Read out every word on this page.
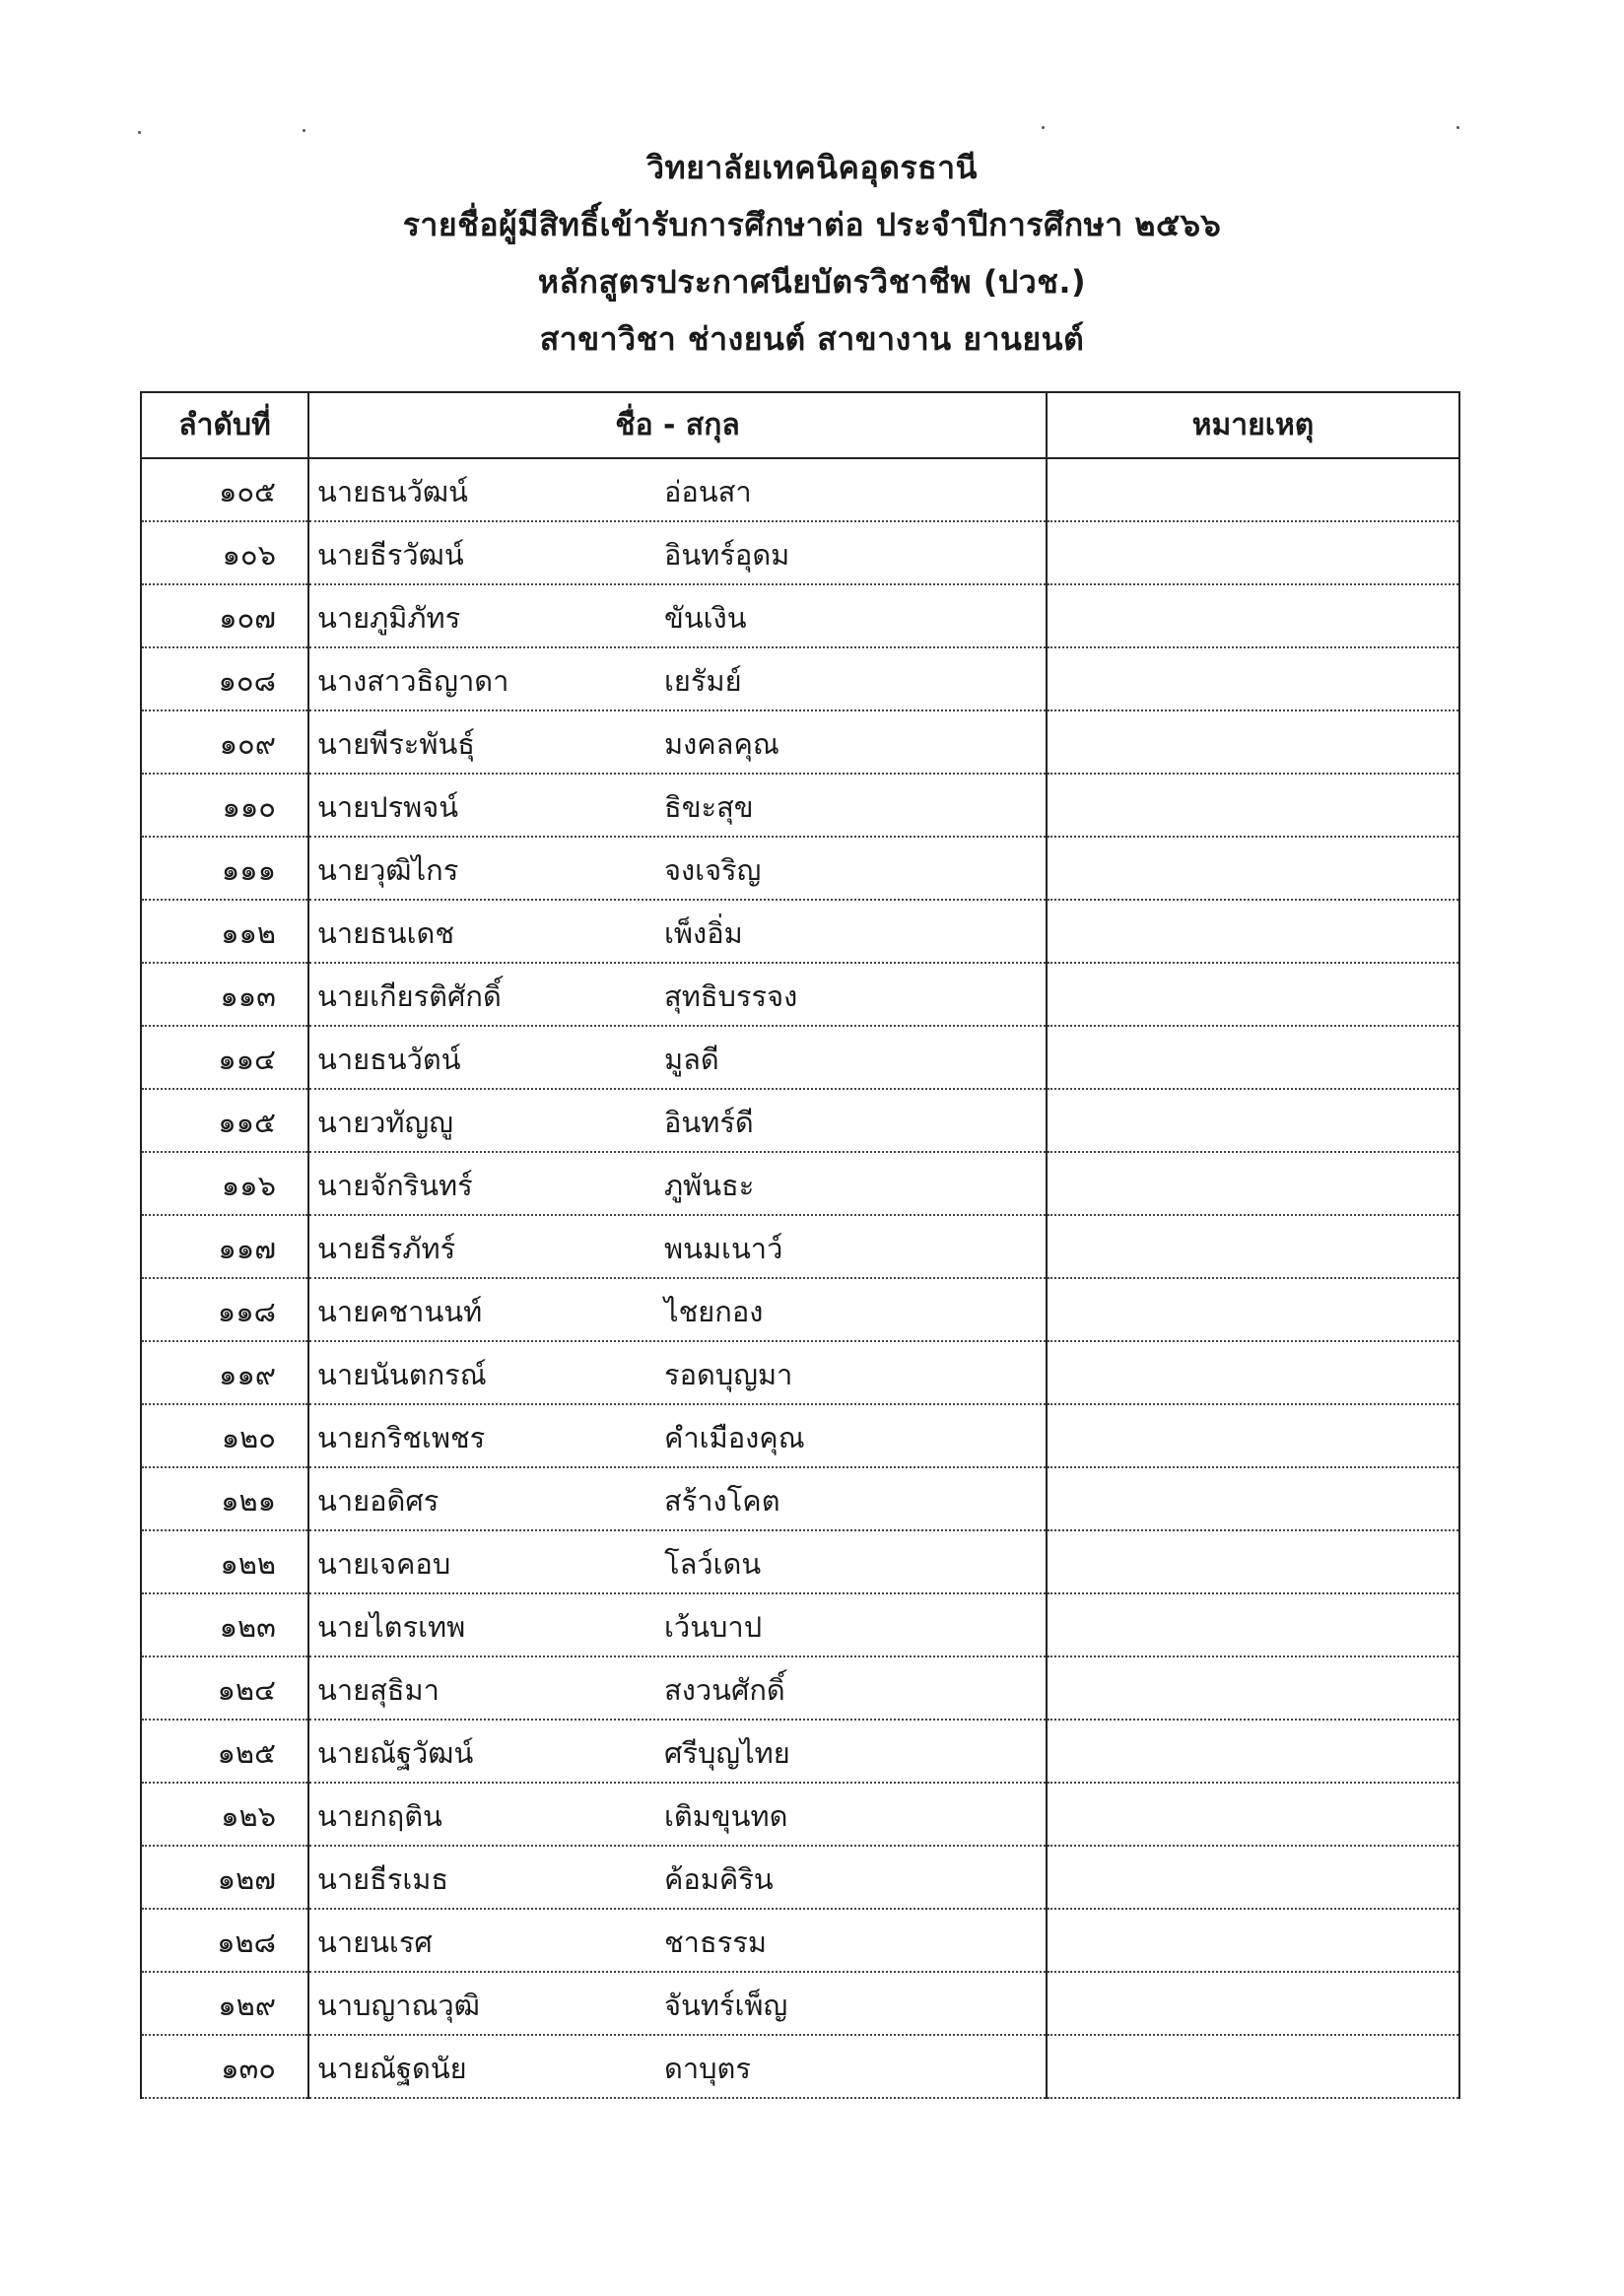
วิทยาลัยเทคนิคอุดรธานี
รายชื่อผู้มีสิทธิ์เข้ารับการศึกษาต่อ ประจำปีการศึกษา ๒๕๖๖
หลักสูตรประกาศนียบัตรวิชาชีพ (ปวช.)
สาขาวิชา ช่างยนต์ สาขางาน ยานยนต์
ลำดับที่	ชื่อ - สกุล	หมายเหตุ
๑๐๕	นายธนวัฒน์ อ่อนสา	

๑๐๖	นายธีรวัฒน์ อินทร์อุดม	

๑๐๗	นายภูมิภัทร ขันเงิน	

๑๐๘	นางสาวธิญาดา เยรัมย์	

๑๐๙	นายพีระพันธุ์ มงคลคุณ	

๑๑๐	นายปรพจน์ ธิขะสุข	

๑๑๑	นายวุฒิไกร จงเจริญ	

๑๑๒	นายธนเดช เพ็งอิ่ม	

๑๑๓	นายเกียรติศักดิ์ สุทธิบรรจง	

๑๑๔	นายธนวัตน์ มูลดี	

๑๑๕	นายวทัญญู อินทร์ดี	

๑๑๖	นายจักรินทร์ ภูพันธะ	

๑๑๗	นายธีรภัทร์ พนมเนาว์	

๑๑๘	นายคชานนท์ ไชยกอง	

๑๑๙	นายนันตกรณ์ รอดบุญมา	

๑๒๐	นายกริชเพชร คำเมืองคุณ	

๑๒๑	นายอดิศร สร้างโคต	

๑๒๒	นายเจคอบ โลว์เดน	

๑๒๓	นายไตรเทพ เว้นบาป	

๑๒๔	นายสุธิมา สงวนศักดิ์	

๑๒๕	นายณัฐวัฒน์ ศรีบุญไทย	

๑๒๖	นายกฤติน เติมขุนทด	

๑๒๗	นายธีรเมธ ค้อมคิริน	

๑๒๘	นายนเรศ ชาธรรม	

๑๒๙	นาบญาณวุฒิ จันทร์เพ็ญ	

๑๓๐	นายณัฐดนัย ดาบุตร	
